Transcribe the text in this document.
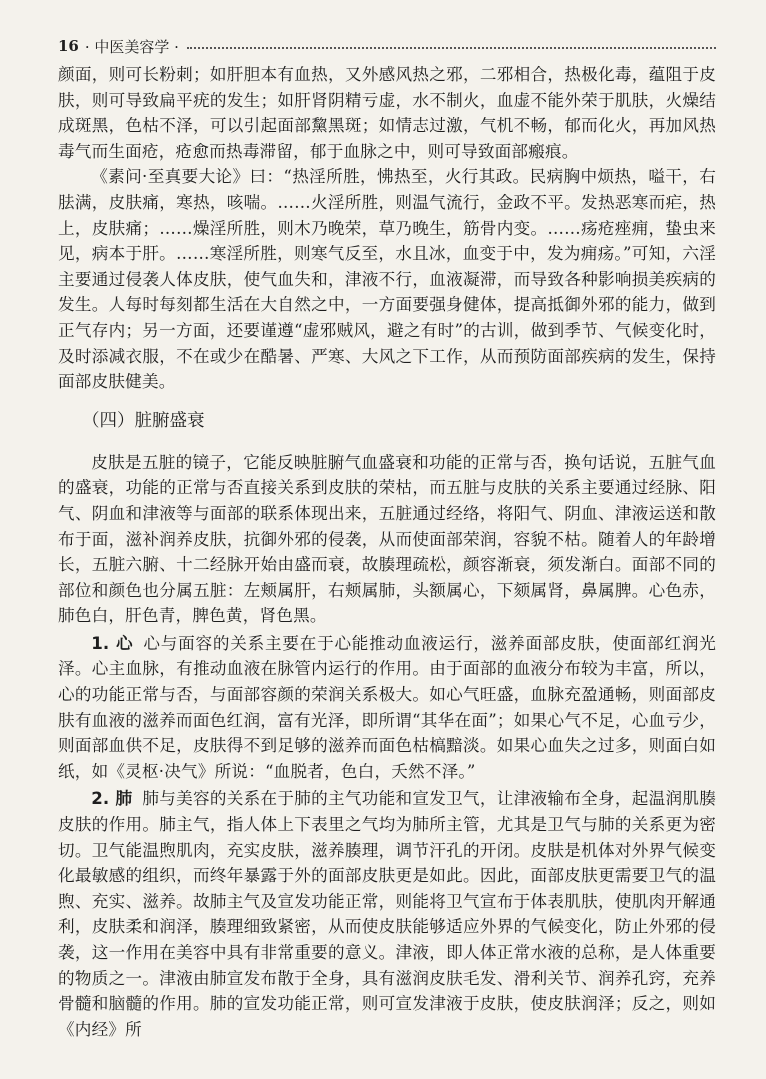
16 · 中医美容学 ·

颜面，则可长粉刺；如肝胆本有血热，又外感风热之邪，二邪相合，热极化毒，蕴阻于皮肤，则可导致扁平疣的发生；如肝肾阴精亏虚，水不制火，血虚不能外荣于肌肤，火燥结成斑黑，色枯不泽，可以引起面部黧黑斑；如情志过激，气机不畅，郁而化火，再加风热毒气而生面疮，疮愈而热毒滞留，郁于血脉之中，则可导致面部瘢痕。

《素问·至真要大论》曰：“热淫所胜，怫热至，火行其政。民病胸中烦热，嗌干，右胠满，皮肤痛，寒热，咳喘。……火淫所胜，则温气流行，金政不平。发热恶寒而疟，热上，皮肤痛；……燥淫所胜，则木乃晚荣，草乃晚生，筋骨内变。……疡疮痤痈，蛰虫来见，病本于肝。……寒淫所胜，则寒气反至，水且冰，血变于中，发为痈疡。”可知，六淫主要通过侵袭人体皮肤，使气血失和，津液不行，血液凝滞，而导致各种影响损美疾病的发生。人每时每刻都生活在大自然之中，一方面要强身健体，提高抵御外邪的能力，做到正气存内；另一方面，还要谨遵“虚邪贼风，避之有时”的古训，做到季节、气候变化时，及时添减衣服，不在或少在酷暑、严寒、大风之下工作，从而预防面部疾病的发生，保持面部皮肤健美。

（四）脏腑盛衰

皮肤是五脏的镜子，它能反映脏腑气血盛衰和功能的正常与否，换句话说，五脏气血的盛衰，功能的正常与否直接关系到皮肤的荣枯，而五脏与皮肤的关系主要通过经脉、阳气、阴血和津液等与面部的联系体现出来，五脏通过经络，将阳气、阴血、津液运送和散布于面，滋补润养皮肤，抗御外邪的侵袭，从而使面部荣润，容貌不枯。随着人的年龄增长，五脏六腑、十二经脉开始由盛而衰，故腠理疏松，颜容渐衰，须发渐白。面部不同的部位和颜色也分属五脏：左颊属肝，右颊属肺，头额属心，下颏属肾，鼻属脾。心色赤，肺色白，肝色青，脾色黄，肾色黑。

1. 心 心与面容的关系主要在于心能推动血液运行，滋养面部皮肤，使面部红润光泽。心主血脉，有推动血液在脉管内运行的作用。由于面部的血液分布较为丰富，所以，心的功能正常与否，与面部容颜的荣润关系极大。如心气旺盛，血脉充盈通畅，则面部皮肤有血液的滋养而面色红润，富有光泽，即所谓“其华在面”；如果心气不足，心血亏少，则面部血供不足，皮肤得不到足够的滋养而面色枯槁黯淡。如果心血失之过多，则面白如纸，如《灵枢·决气》所说：“血脱者，色白，夭然不泽。”

2. 肺 肺与美容的关系在于肺的主气功能和宣发卫气，让津液输布全身，起温润肌腠皮肤的作用。肺主气，指人体上下表里之气均为肺所主管，尤其是卫气与肺的关系更为密切。卫气能温煦肌肉，充实皮肤，滋养腠理，调节汗孔的开闭。皮肤是机体对外界气候变化最敏感的组织，而终年暴露于外的面部皮肤更是如此。因此，面部皮肤更需要卫气的温煦、充实、滋养。故肺主气及宣发功能正常，则能将卫气宣布于体表肌肤，使肌肉开解通利，皮肤柔和润泽，腠理细致紧密，从而使皮肤能够适应外界的气候变化，防止外邪的侵袭，这一作用在美容中具有非常重要的意义。津液，即人体正常水液的总称，是人体重要的物质之一。津液由肺宣发布散于全身，具有滋润皮肤毛发、滑利关节、润养孔窍，充养骨髓和脑髓的作用。肺的宣发功能正常，则可宣发津液于皮肤，使皮肤润泽；反之，则如《内经》所
